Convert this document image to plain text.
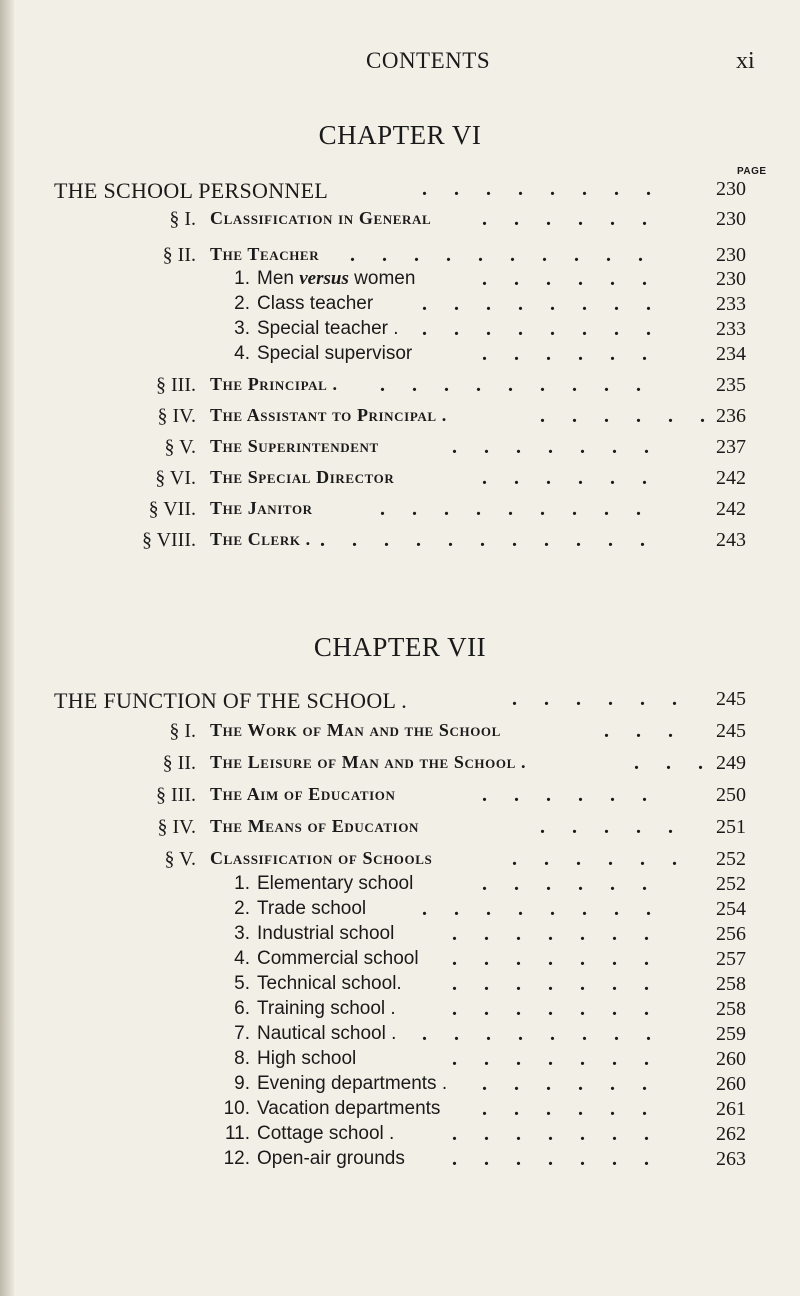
CONTENTS	xi
CHAPTER VI
PAGE
THE SCHOOL PERSONNEL	. . . . . . . .	230
§ I. Classification in General	. . . . . .	230
§ II. The Teacher . . . . . . . . . .	230
1. Men versus women	. . . . . .	230
2. Class teacher . . . . . . . .	233
3. Special teacher . . . . . . . . .	233
4. Special supervisor	. . . . . .	234
§ III. The Principal . . . . . . . . . .	235
§ IV. The Assistant to Principal .	. . . . . . 236
§ V. The Superintendent	. . . . . . .	237
§ VI. The Special Director	. . . . . .	242
§ VII. The Janitor	. . . . . . . . .	242
§ VIII. The Clerk . . . . . . . . . . . .	243
CHAPTER VII
THE FUNCTION OF THE SCHOOL .	. . . . . . 245
§ I. The Work of Man and the School	. . . 245
§ II. The Leisure of Man and the School .	. . . 249
§ III. The Aim of Education	. . . . . .	250
§ IV. The Means of Education	. . . . . 251
§ V. Classification of Schools	. . . . . . 252
1. Elementary school	. . . . . .	252
2. Trade school	. . . . . . . .	254
3. Industrial school	. . . . . . .	256
4. Commercial school . . . . . . .	257
5. Technical school.	. . . . . . .	258
6. Training school .	. . . . . . .	258
7. Nautical school . . . . . . . . .	259
8. High school	. . . . . . .	260
9. Evening departments . . . . . . .	260
10. Vacation departments . . . . . .	261
11. Cottage school .	. . . . . . .	262
12. Open-air grounds . . . . . . .	263
